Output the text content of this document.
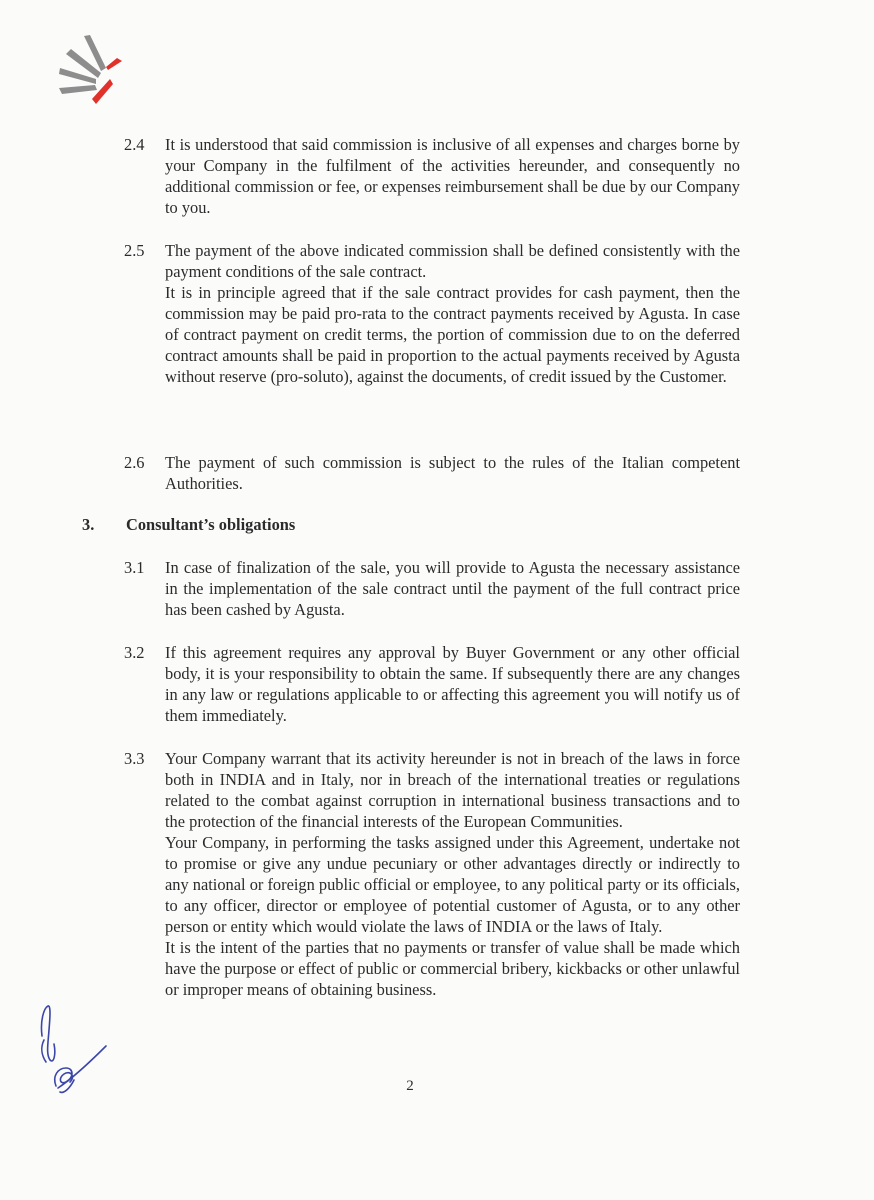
2.4	It is understood that said commission is inclusive of all expenses and charges borne by your Company in the fulfilment of the activities hereunder, and consequently no additional commission or fee, or expenses reimbursement shall be due by our Company to you.

2.5	The payment of the above indicated commission shall be defined consistently with the payment conditions of the sale contract.

It is in principle agreed that if the sale contract provides for cash payment, then the commission may be paid pro-rata to the contract payments received by Agusta. In case of contract payment on credit terms, the portion of commission due to on the deferred contract amounts shall be paid in proportion to the actual payments received by Agusta without reserve (pro-soluto), against the documents, of credit issued by the Customer.

2.6	The payment of such commission is subject to the rules of the Italian competent Authorities.

3. Consultant’s obligations
3.1	In case of finalization of the sale, you will provide to Agusta the necessary assistance in the implementation of the sale contract until the payment of the full contract price has been cashed by Agusta.

3.2	If this agreement requires any approval by Buyer Government or any other official body, it is your responsibility to obtain the same. If subsequently there are any changes in any law or regulations applicable to or affecting this agreement you will notify us of them immediately.

3.3	Your Company warrant that its activity hereunder is not in breach of the laws in force both in INDIA and in Italy, nor in breach of the international treaties or regulations related to the combat against corruption in international business transactions and to the protection of the financial interests of the European Communities.

Your Company, in performing the tasks assigned under this Agreement, undertake not to promise or give any undue pecuniary or other advantages directly or indirectly to any national or foreign public official or employee, to any political party or its officials, to any officer, director or employee of potential customer of Agusta, or to any other person or entity which would violate the laws of INDIA or the laws of Italy.

It is the intent of the parties that no payments or transfer of value shall be made which have the purpose or effect of public or commercial bribery, kickbacks or other unlawful or improper means of obtaining business.

2
